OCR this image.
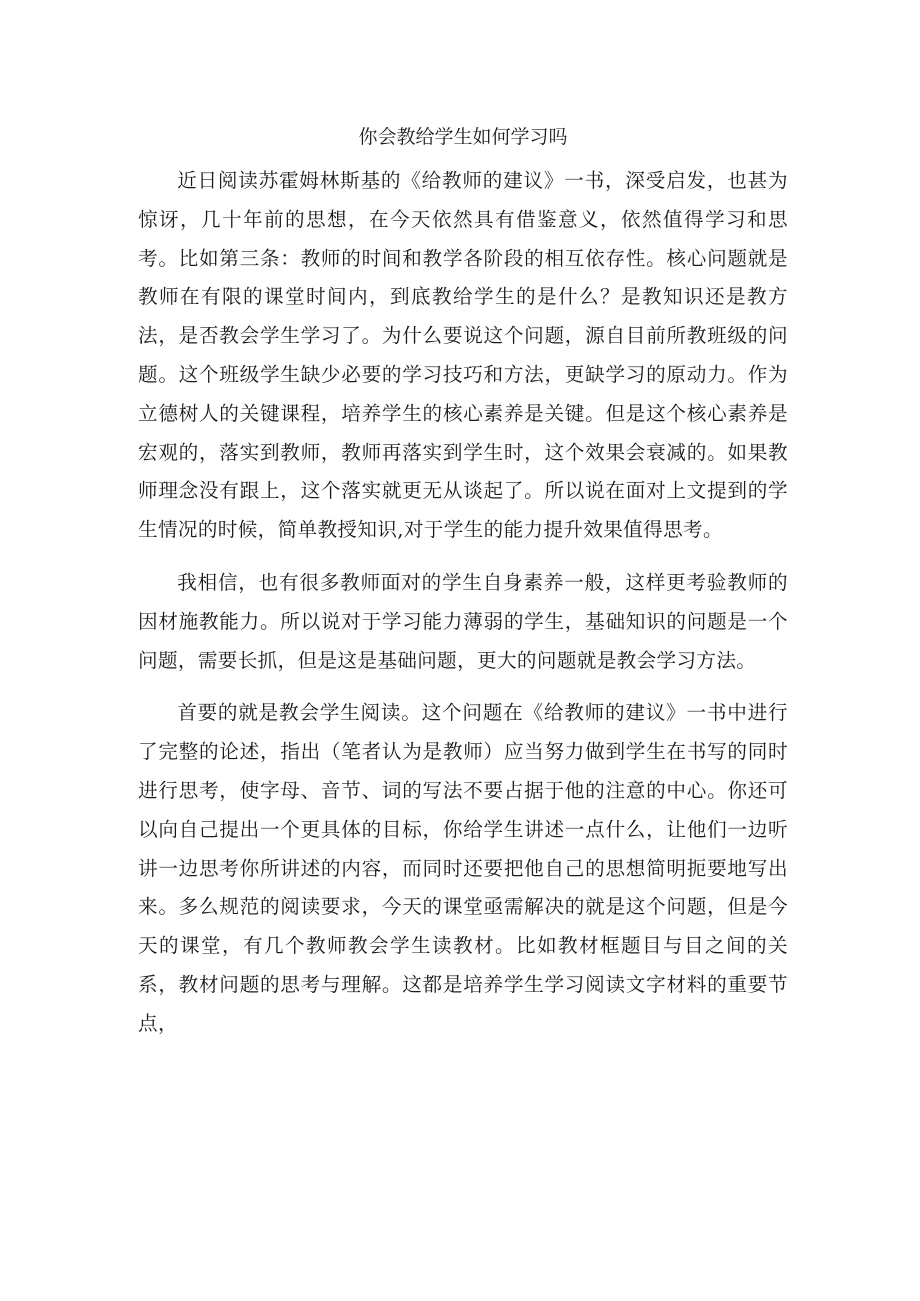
你会教给学生如何学习吗

近日阅读苏霍姆林斯基的《给教师的建议》一书，深受启发，也甚为惊讶，几十年前的思想，在今天依然具有借鉴意义，依然值得学习和思考。比如第三条：教师的时间和教学各阶段的相互依存性。核心问题就是教师在有限的课堂时间内，到底教给学生的是什么？是教知识还是教方法，是否教会学生学习了。为什么要说这个问题，源自目前所教班级的问题。这个班级学生缺少必要的学习技巧和方法，更缺学习的原动力。作为立德树人的关键课程，培养学生的核心素养是关键。但是这个核心素养是宏观的，落实到教师，教师再落实到学生时，这个效果会衰减的。如果教师理念没有跟上，这个落实就更无从谈起了。所以说在面对上文提到的学生情况的时候，简单教授知识,对于学生的能力提升效果值得思考。

我相信，也有很多教师面对的学生自身素养一般，这样更考验教师的因材施教能力。所以说对于学习能力薄弱的学生，基础知识的问题是一个问题，需要长抓，但是这是基础问题，更大的问题就是教会学习方法。

首要的就是教会学生阅读。这个问题在《给教师的建议》一书中进行了完整的论述，指出（笔者认为是教师）应当努力做到学生在书写的同时进行思考，使字母、音节、词的写法不要占据于他的注意的中心。你还可以向自己提出一个更具体的目标，你给学生讲述一点什么，让他们一边听讲一边思考你所讲述的内容，而同时还要把他自己的思想简明扼要地写出来。多么规范的阅读要求，今天的课堂亟需解决的就是这个问题，但是今天的课堂，有几个教师教会学生读教材。比如教材框题目与目之间的关系，教材问题的思考与理解。这都是培养学生学习阅读文字材料的重要节点，
